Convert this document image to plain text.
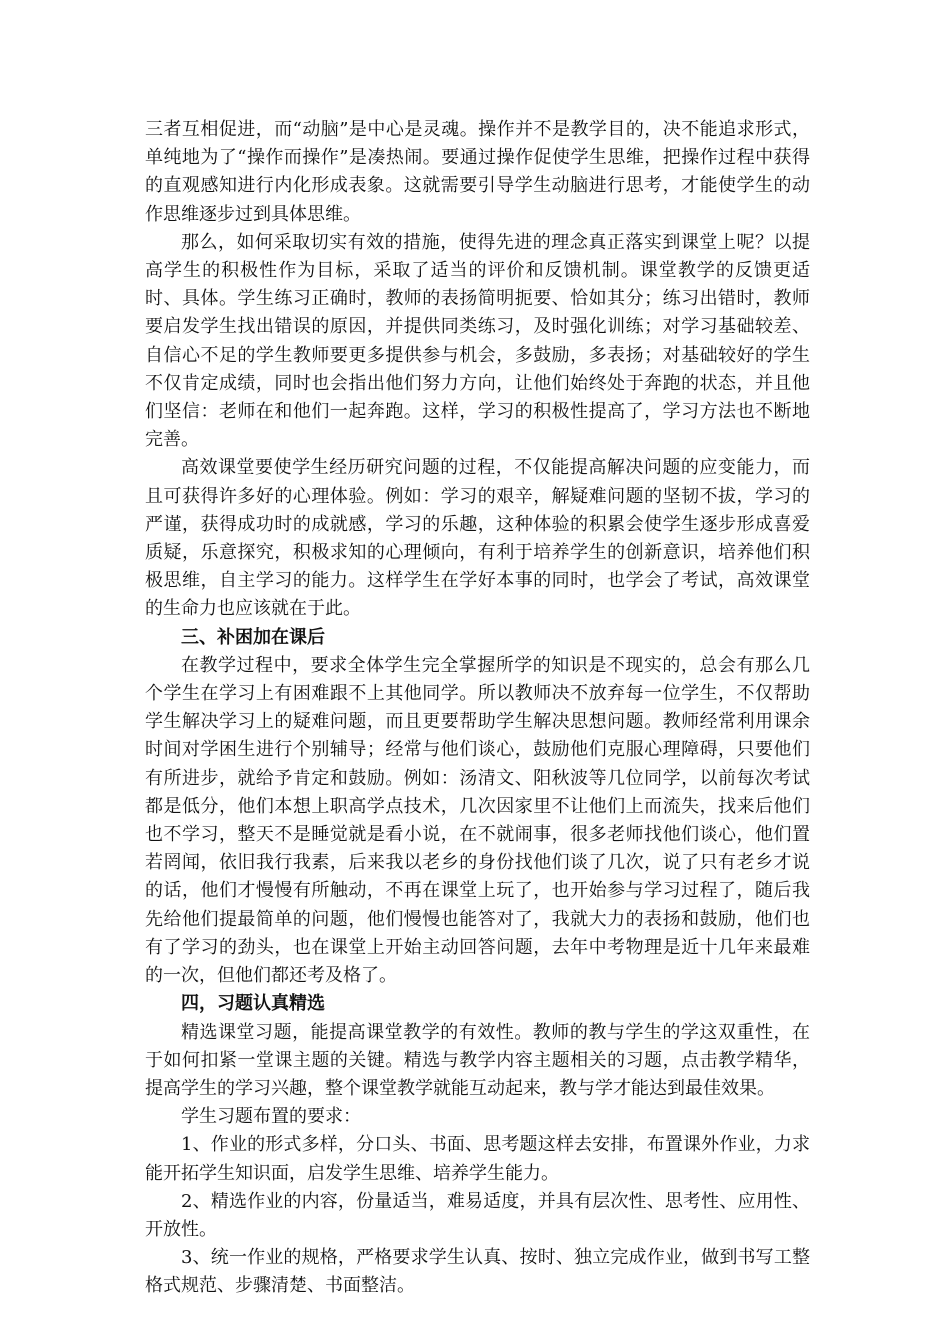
三者互相促进，而“动脑”是中心是灵魂。操作并不是教学目的，决不能追求形式，单纯地为了“操作而操作”是凑热闹。要通过操作促使学生思维，把操作过程中获得的直观感知进行内化形成表象。这就需要引导学生动脑进行思考，才能使学生的动作思维逐步过到具体思维。

那么，如何采取切实有效的措施，使得先进的理念真正落实到课堂上呢？以提高学生的积极性作为目标，采取了适当的评价和反馈机制。课堂教学的反馈更适时、具体。学生练习正确时，教师的表扬简明扼要、恰如其分；练习出错时，教师要启发学生找出错误的原因，并提供同类练习，及时强化训练；对学习基础较差、自信心不足的学生教师要更多提供参与机会，多鼓励，多表扬；对基础较好的学生不仅肯定成绩，同时也会指出他们努力方向，让他们始终处于奔跑的状态，并且他们坚信：老师在和他们一起奔跑。这样，学习的积极性提高了，学习方法也不断地完善。

高效课堂要使学生经历研究问题的过程，不仅能提高解决问题的应变能力，而且可获得许多好的心理体验。例如：学习的艰辛，解疑难问题的坚韧不拔，学习的严谨，获得成功时的成就感，学习的乐趣，这种体验的积累会使学生逐步形成喜爱质疑，乐意探究，积极求知的心理倾向，有利于培养学生的创新意识，培养他们积极思维，自主学习的能力。这样学生在学好本事的同时，也学会了考试，高效课堂的生命力也应该就在于此。

三、补困加在课后

在教学过程中，要求全体学生完全掌握所学的知识是不现实的，总会有那么几个学生在学习上有困难跟不上其他同学。所以教师决不放弃每一位学生，不仅帮助学生解决学习上的疑难问题，而且更要帮助学生解决思想问题。教师经常利用课余时间对学困生进行个别辅导；经常与他们谈心，鼓励他们克服心理障碍，只要他们有所进步，就给予肯定和鼓励。例如：汤清文、阳秋波等几位同学，以前每次考试都是低分，他们本想上职高学点技术，几次因家里不让他们上而流失，找来后他们也不学习，整天不是睡觉就是看小说，在不就闹事，很多老师找他们谈心，他们置若罔闻，依旧我行我素，后来我以老乡的身份找他们谈了几次，说了只有老乡才说的话，他们才慢慢有所触动，不再在课堂上玩了，也开始参与学习过程了，随后我先给他们提最简单的问题，他们慢慢也能答对了，我就大力的表扬和鼓励，他们也有了学习的劲头，也在课堂上开始主动回答问题，去年中考物理是近十几年来最难的一次，但他们都还考及格了。

四，习题认真精选

精选课堂习题，能提高课堂教学的有效性。教师的教与学生的学这双重性，在于如何扣紧一堂课主题的关键。精选与教学内容主题相关的习题，点击教学精华，提高学生的学习兴趣，整个课堂教学就能互动起来，教与学才能达到最佳效果。

学生习题布置的要求：

1、作业的形式多样，分口头、书面、思考题这样去安排，布置课外作业，力求能开拓学生知识面，启发学生思维、培养学生能力。

2、精选作业的内容，份量适当，难易适度，并具有层次性、思考性、应用性、开放性。

3、统一作业的规格，严格要求学生认真、按时、独立完成作业，做到书写工整格式规范、步骤清楚、书面整洁。
